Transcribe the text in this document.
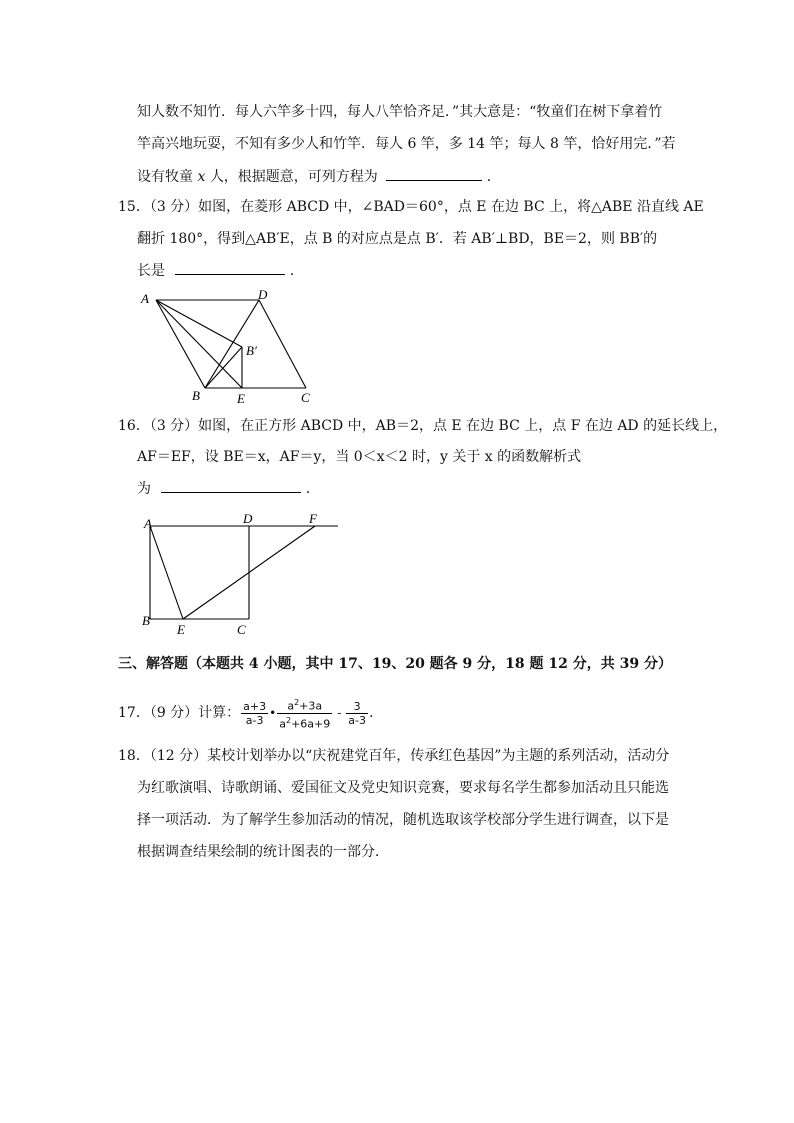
知人数不知竹．每人六竿多十四，每人八竿恰齐足．”其大意是：“牧童们在树下拿着竹
竿高兴地玩耍，不知有多少人和竹竿．每人 6 竿，多 14 竿；每人 8 竿，恰好用完．”若
设有牧童 x 人，根据题意，可列方程为	．
15．（3 分）如图，在菱形 ABCD 中，∠BAD＝60°，点 E 在边 BC 上，将△ABE 沿直线 AE
翻折 180°，得到△AB′E，点 B 的对应点是点 B′．若 AB′⊥BD，BE＝2，则 BB′的
长是	．
A	D
B′
B	E	C
16．（3 分）如图，在正方形 ABCD 中，AB＝2，点 E 在边 BC 上，点 F 在边 AD 的延长线上，
AF＝EF，设 BE＝x，AF＝y，当 0＜x＜2 时，y 关于 x 的函数解析式
为	．
A	D	F
B
E	C
三、解答题（本题共 4 小题，其中 17、19、20 题各 9 分，18 题 12 分，共 39 分）
17．（9 分）计算： $\frac{a+3}{a-3}$ • $\frac{a^2+3a}{a^2+6a+9} - \frac{3}{a-3}$ .
18．（12 分）某校计划举办以“庆祝建党百年，传承红色基因”为主题的系列活动，活动分
为红歌演唱、诗歌朗诵、爱国征文及党史知识竞赛，要求每名学生都参加活动且只能选
择一项活动．为了解学生参加活动的情况，随机选取该学校部分学生进行调查，以下是
根据调查结果绘制的统计图表的一部分．
